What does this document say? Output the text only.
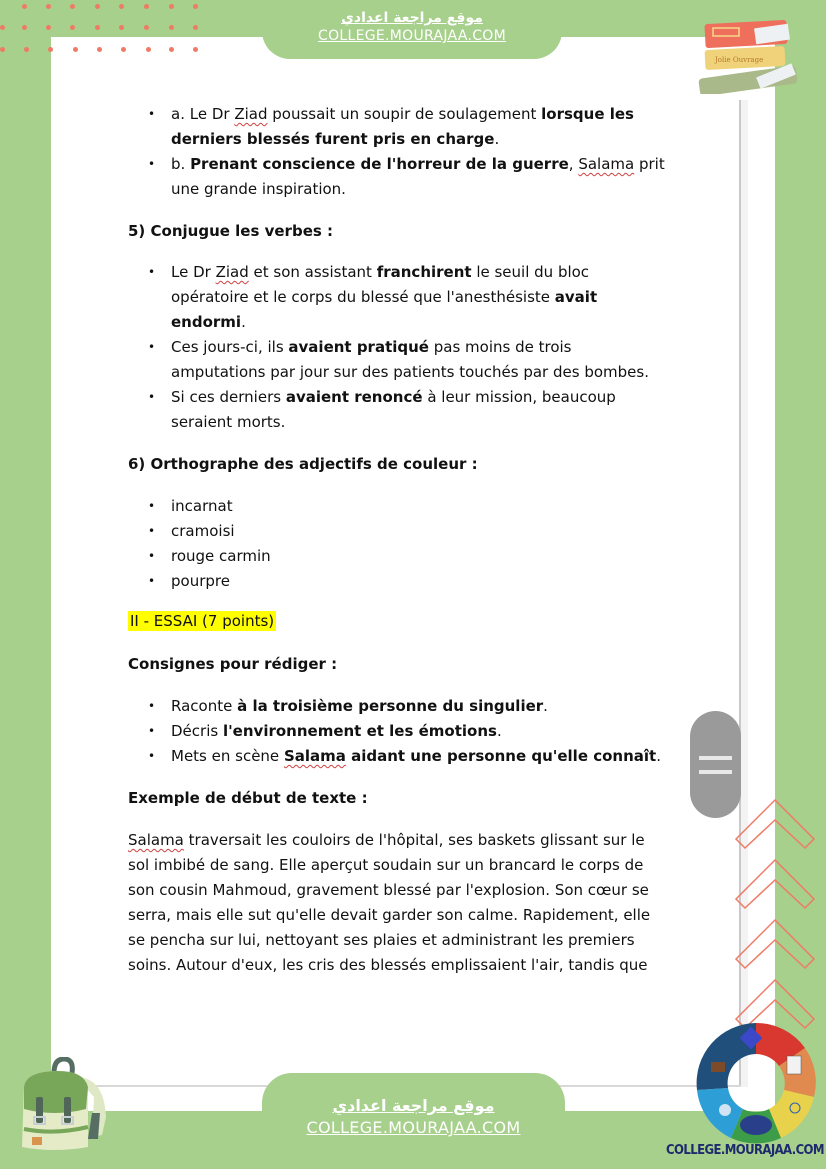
موقع مراجعة اعدادي
COLLEGE.MOURAJAA.COM
Jolie Ouvrage
• a. Le Dr Ziad poussait un soupir de soulagement lorsque les derniers blessés furent pris en charge.
• b. Prenant conscience de l'horreur de la guerre, Salama prit une grande inspiration.
5) Conjugue les verbes :
• Le Dr Ziad et son assistant franchirent le seuil du bloc opératoire et le corps du blessé que l'anesthésiste avait endormi.
• Ces jours-ci, ils avaient pratiqué pas moins de trois amputations par jour sur des patients touchés par des bombes.
• Si ces derniers avaient renoncé à leur mission, beaucoup seraient morts.
6) Orthographe des adjectifs de couleur :
• incarnat
• cramoisi
• rouge carmin
• pourpre
II - ESSAI (7 points)
Consignes pour rédiger :
• Raconte à la troisième personne du singulier.
• Décris l'environnement et les émotions.
• Mets en scène Salama aidant une personne qu'elle connaît.
Exemple de début de texte :

Salama traversait les couloirs de l'hôpital, ses baskets glissant sur le sol imbibé de sang. Elle aperçut soudain sur un brancard le corps de son cousin Mahmoud, gravement blessé par l'explosion. Son cœur se serra, mais elle sut qu'elle devait garder son calme. Rapidement, elle se pencha sur lui, nettoyant ses plaies et administrant les premiers soins. Autour d'eux, les cris des blessés emplissaient l'air, tandis que

موقع مراجعة اعدادي
COLLEGE.MOURAJAA.COM
COLLEGE.MOURAJAA.COM
